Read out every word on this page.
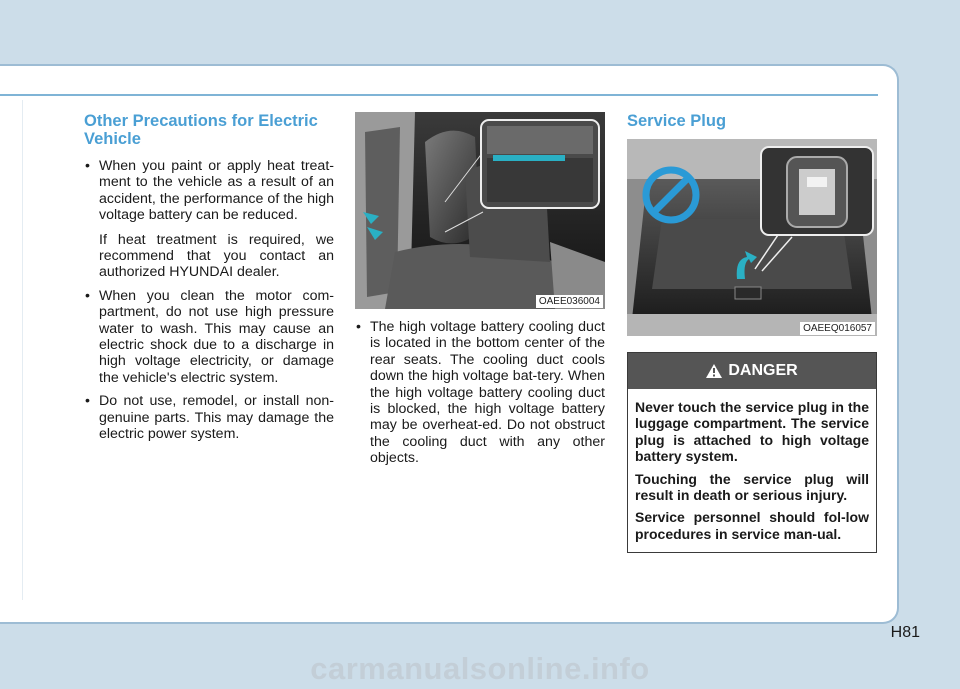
Other Precautions for Electric Vehicle
• When you paint or apply heat treat-ment to the vehicle as a result of an accident, the performance of the high voltage battery can be reduced.

If heat treatment is required, we recommend that you contact an authorized HYUNDAI dealer.

• When you clean the motor com-partment, do not use high pressure water to wash. This may cause an electric shock due to a discharge in high voltage electricity, or damage the vehicle's electric system.

• Do not use, remodel, or install non-genuine parts. This may damage the electric power system.

OAEE036004
• The high voltage battery cooling duct is located in the bottom center of the rear seats. The cooling duct cools down the high voltage bat-tery. When the high voltage battery cooling duct is blocked, the high voltage battery may be overheat-ed. Do not obstruct the cooling duct with any other objects.

Service Plug
OAEEQ016057
DANGER

Never touch the service plug in the luggage compartment. The service plug is attached to high voltage battery system.

Touching the service plug will result in death or serious injury.

Service personnel should fol-low procedures in service man-ual.

H81
carmanualsonline.info
